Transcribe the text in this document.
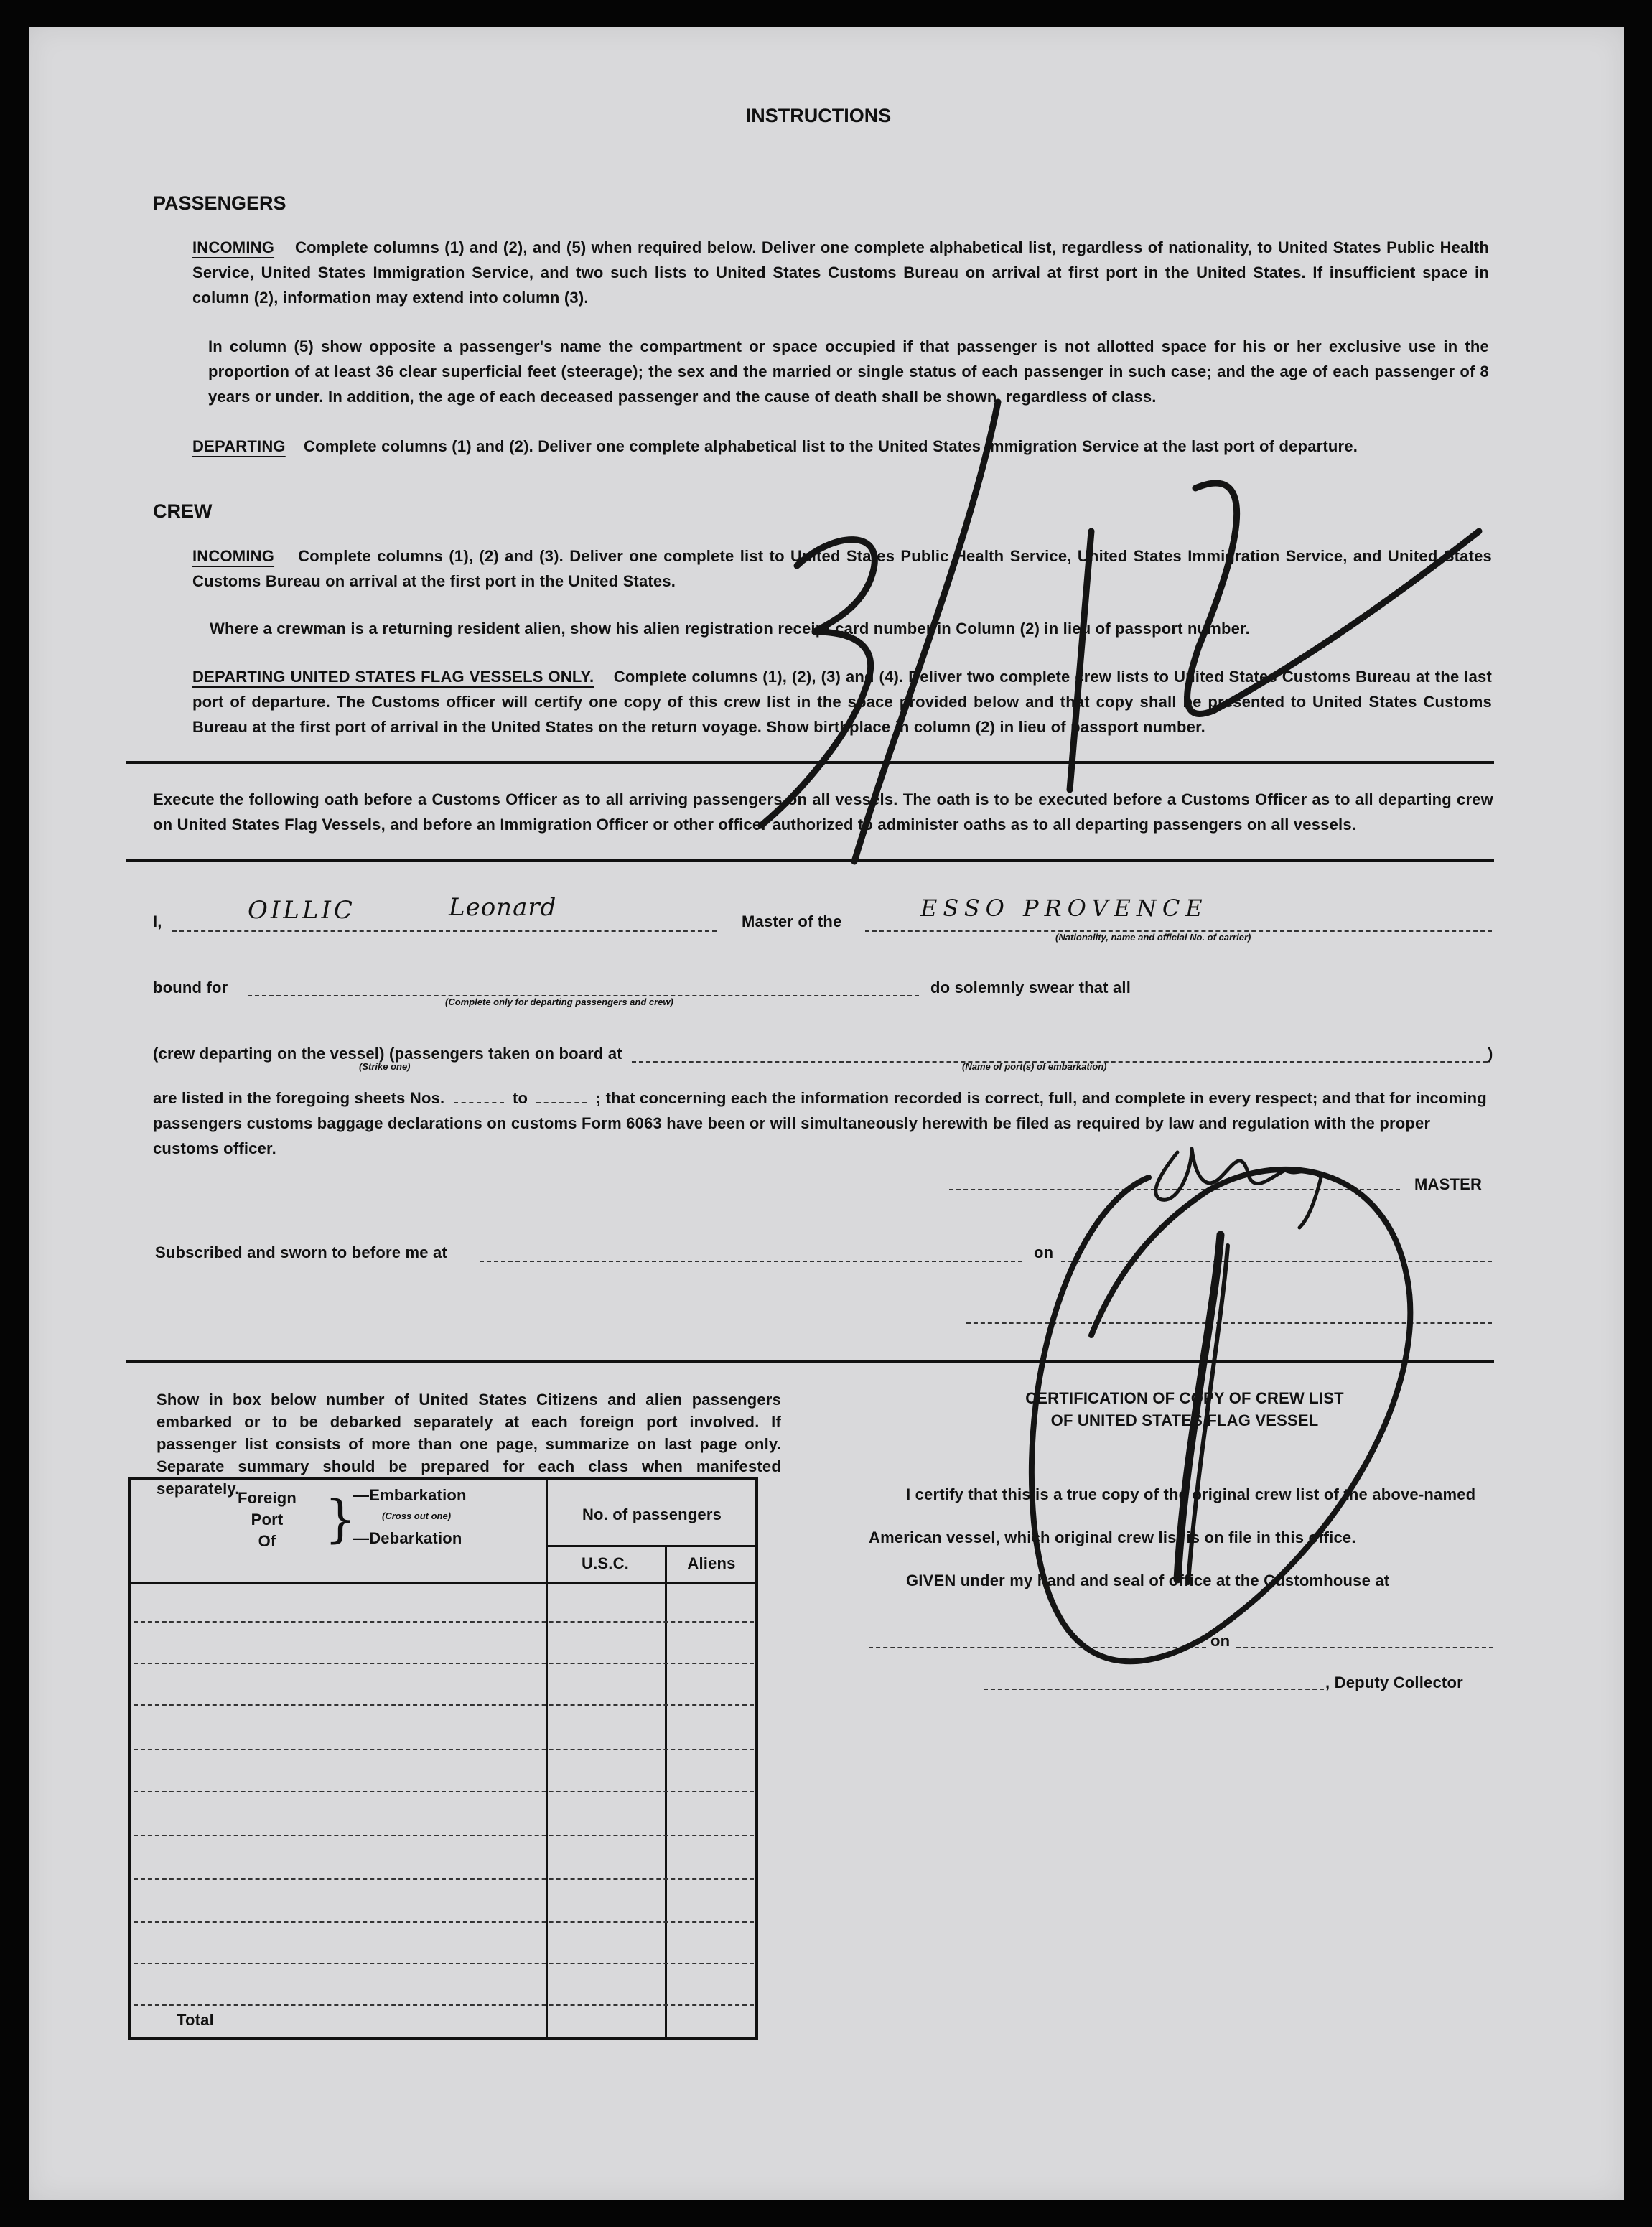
INSTRUCTIONS
PASSENGERS
INCOMING Complete columns (1) and (2), and (5) when required below. Deliver one complete alphabetical list, regardless of nationality, to United States Public Health Service, United States Immigration Service, and two such lists to United States Customs Bureau on arrival at first port in the United States. If insufficient space in column (2), information may extend into column (3).
In column (5) show opposite a passenger's name the compartment or space occupied if that passenger is not allotted space for his or her exclusive use in the proportion of at least 36 clear superficial feet (steerage); the sex and the married or single status of each passenger in such case; and the age of each passenger of 8 years or under. In addition, the age of each deceased passenger and the cause of death shall be shown, regardless of class.
DEPARTING Complete columns (1) and (2). Deliver one complete alphabetical list to the United States Immigration Service at the last port of departure.
CREW
INCOMING Complete columns (1), (2) and (3). Deliver one complete list to United States Public Health Service, United States Immigration Service, and United States Customs Bureau on arrival at the first port in the United States.
Where a crewman is a returning resident alien, show his alien registration receipt card number in Column (2) in lieu of passport number.
DEPARTING UNITED STATES FLAG VESSELS ONLY. Complete columns (1), (2), (3) and (4). Deliver two complete crew lists to United States Customs Bureau at the last port of departure. The Customs officer will certify one copy of this crew list in the space provided below and that copy shall be presented to United States Customs Bureau at the first port of arrival in the United States on the return voyage. Show birthplace in column (2) in lieu of passport number.
Execute the following oath before a Customs Officer as to all arriving passengers on all vessels. The oath is to be executed before a Customs Officer as to all departing crew on United States Flag Vessels, and before an Immigration Officer or other officer authorized to administer oaths as to all departing passengers on all vessels.
I,	OILLIC	Leonard	Master of the	ESSO PROVENCE
(Nationality, name and official No. of carrier)
bound for
(Complete only for departing passengers and crew)
do solemnly swear that all
(crew departing on the vessel) (passengers taken on board at
(Strike one)	(Name of port(s) of embarkation)
)
are listed in the foregoing sheets Nos.	to	; that concerning each the information recorded is correct, full, and complete in every respect; and that for incoming passengers customs baggage declarations on customs Form 6063 have been or will simultaneously herewith be filed as required by law and regulation with the proper customs officer.
MASTER
Subscribed and sworn to before me at	on
Show in box below number of United States Citizens and alien passengers embarked or to be debarked separately at each foreign port involved. If passenger list consists of more than one page, summarize on last page only. Separate summary should be prepared for each class when manifested separately.
Foreign
Port
Of }
—Embarkation
(Cross out one)
—Debarkation
No. of passengers
U.S.C.	Aliens
Total
CERTIFICATION OF COPY OF CREW LIST
OF UNITED STATES FLAG VESSEL
I certify that this is a true copy of the original crew list of the above-named
American vessel, which original crew list is on file in this office.
GIVEN under my hand and seal of office at the Customhouse at
on
, Deputy Collector
